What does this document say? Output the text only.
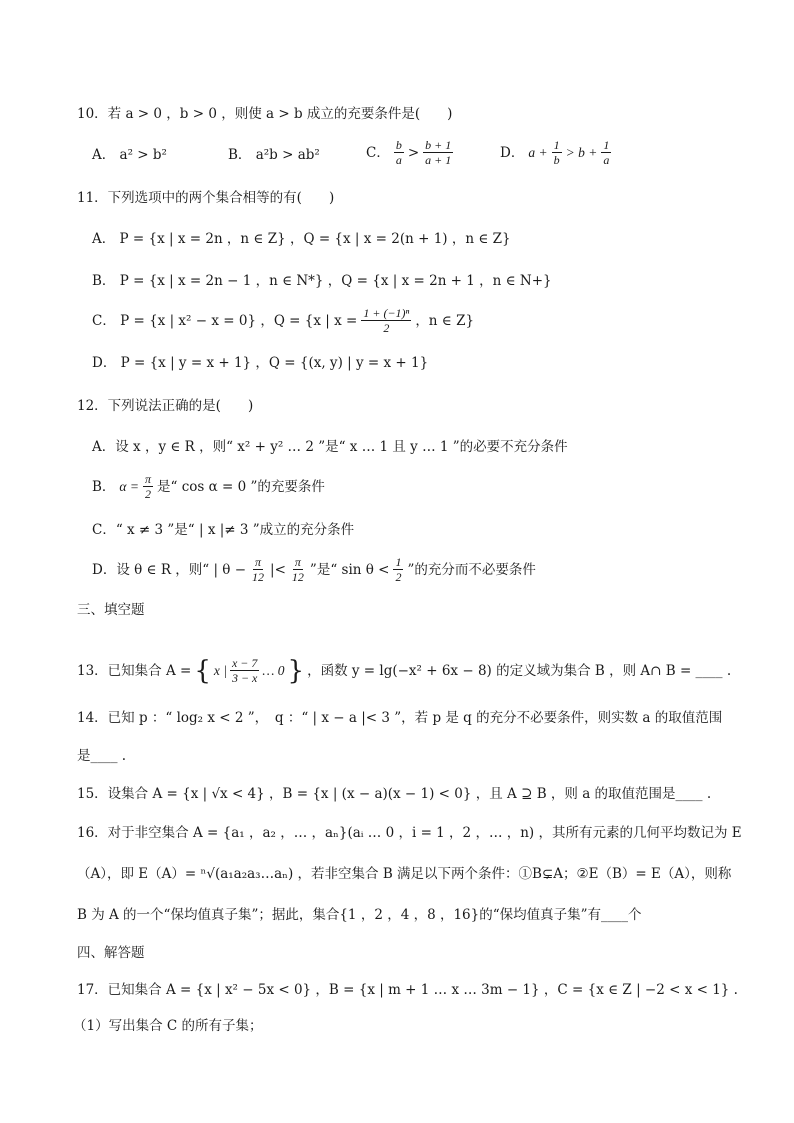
10．若 a > 0 ，b > 0 ，则使 a > b 成立的充要条件是(　　)
A． a² > b²	B． a²b > ab²	C． $\frac{b}{a} > \frac{b + 1}{a + 1}$	D． $a + \frac{1}{b} > b + \frac{1}{a}$
11．下列选项中的两个集合相等的有(　　)
A． P = {x | x = 2n ，n ∈ Z} ，Q = {x | x = 2(n + 1) ，n ∈ Z}
B． P = {x | x = 2n − 1 ，n ∈ N*} ，Q = {x | x = 2n + 1 ，n ∈ N+}
C． P = {x | x² − x = 0} ，Q = {x | $x = \frac{\text{1 + (−1)ⁿ}}{2}$ ，n ∈ Z}
D． P = {x | y = x + 1} ，Q = {(x, y) | y = x + 1}
12．下列说法正确的是(　　)
A．设 x ，y ∈ R ，则“ x² + y² … 2 ”是“ x … 1 且 y … 1 ”的必要不充分条件
B． $\alpha = \frac{\pi}{2}$ 是“ cos α = 0 ”的充要条件
C．“ x ≠ 3 ”是“ | x |≠ 3 ”成立的充分条件
D．设 θ ∈ R ，则“ | $\theta - \frac{\pi}{12}$ |< $\frac{\pi}{12}$ ”是“ $\sin \theta < \frac{1}{2}$ ”的充分而不必要条件
三、填空题
13．已知集合 A = { x | $\frac{x - 7}{3 - x}$ … 0 } ，函数 y = lg(−x² + 6x − 8) 的定义域为集合 B ，则 A∩ B = ____ .
14．已知 p ：“ log₂ x < 2 ”，　q ：“ | x − a |< 3 ”，若 p 是 q 的充分不必要条件，则实数 a 的取值范围
是____ .
15．设集合 A = {x | √x < 4} ，B = {x | (x − a)(x − 1) < 0} ，且 A ⊇ B ，则 a 的取值范围是____ .
16．对于非空集合 A = {a₁ ，a₂ ，… ，aₙ}(aᵢ … 0 ，i = 1 ，2 ，… ，n) ，其所有元素的几何平均数记为 E
（A），即 E（A）= ⁿ√(a₁a₂a₃…aₙ) ，若非空集合 B 满足以下两个条件：①B⊊A；②E（B）= E（A），则称
B 为 A 的一个“保均值真子集”；据此，集合{1 ，2 ，4 ，8 ，16}的“保均值真子集”有____个
四、解答题
17．已知集合 A = {x | x² − 5x < 0} ，B = {x | m + 1 … x … 3m − 1} ，C = {x ∈ Z | −2 < x < 1} .
（1）写出集合 C 的所有子集；
